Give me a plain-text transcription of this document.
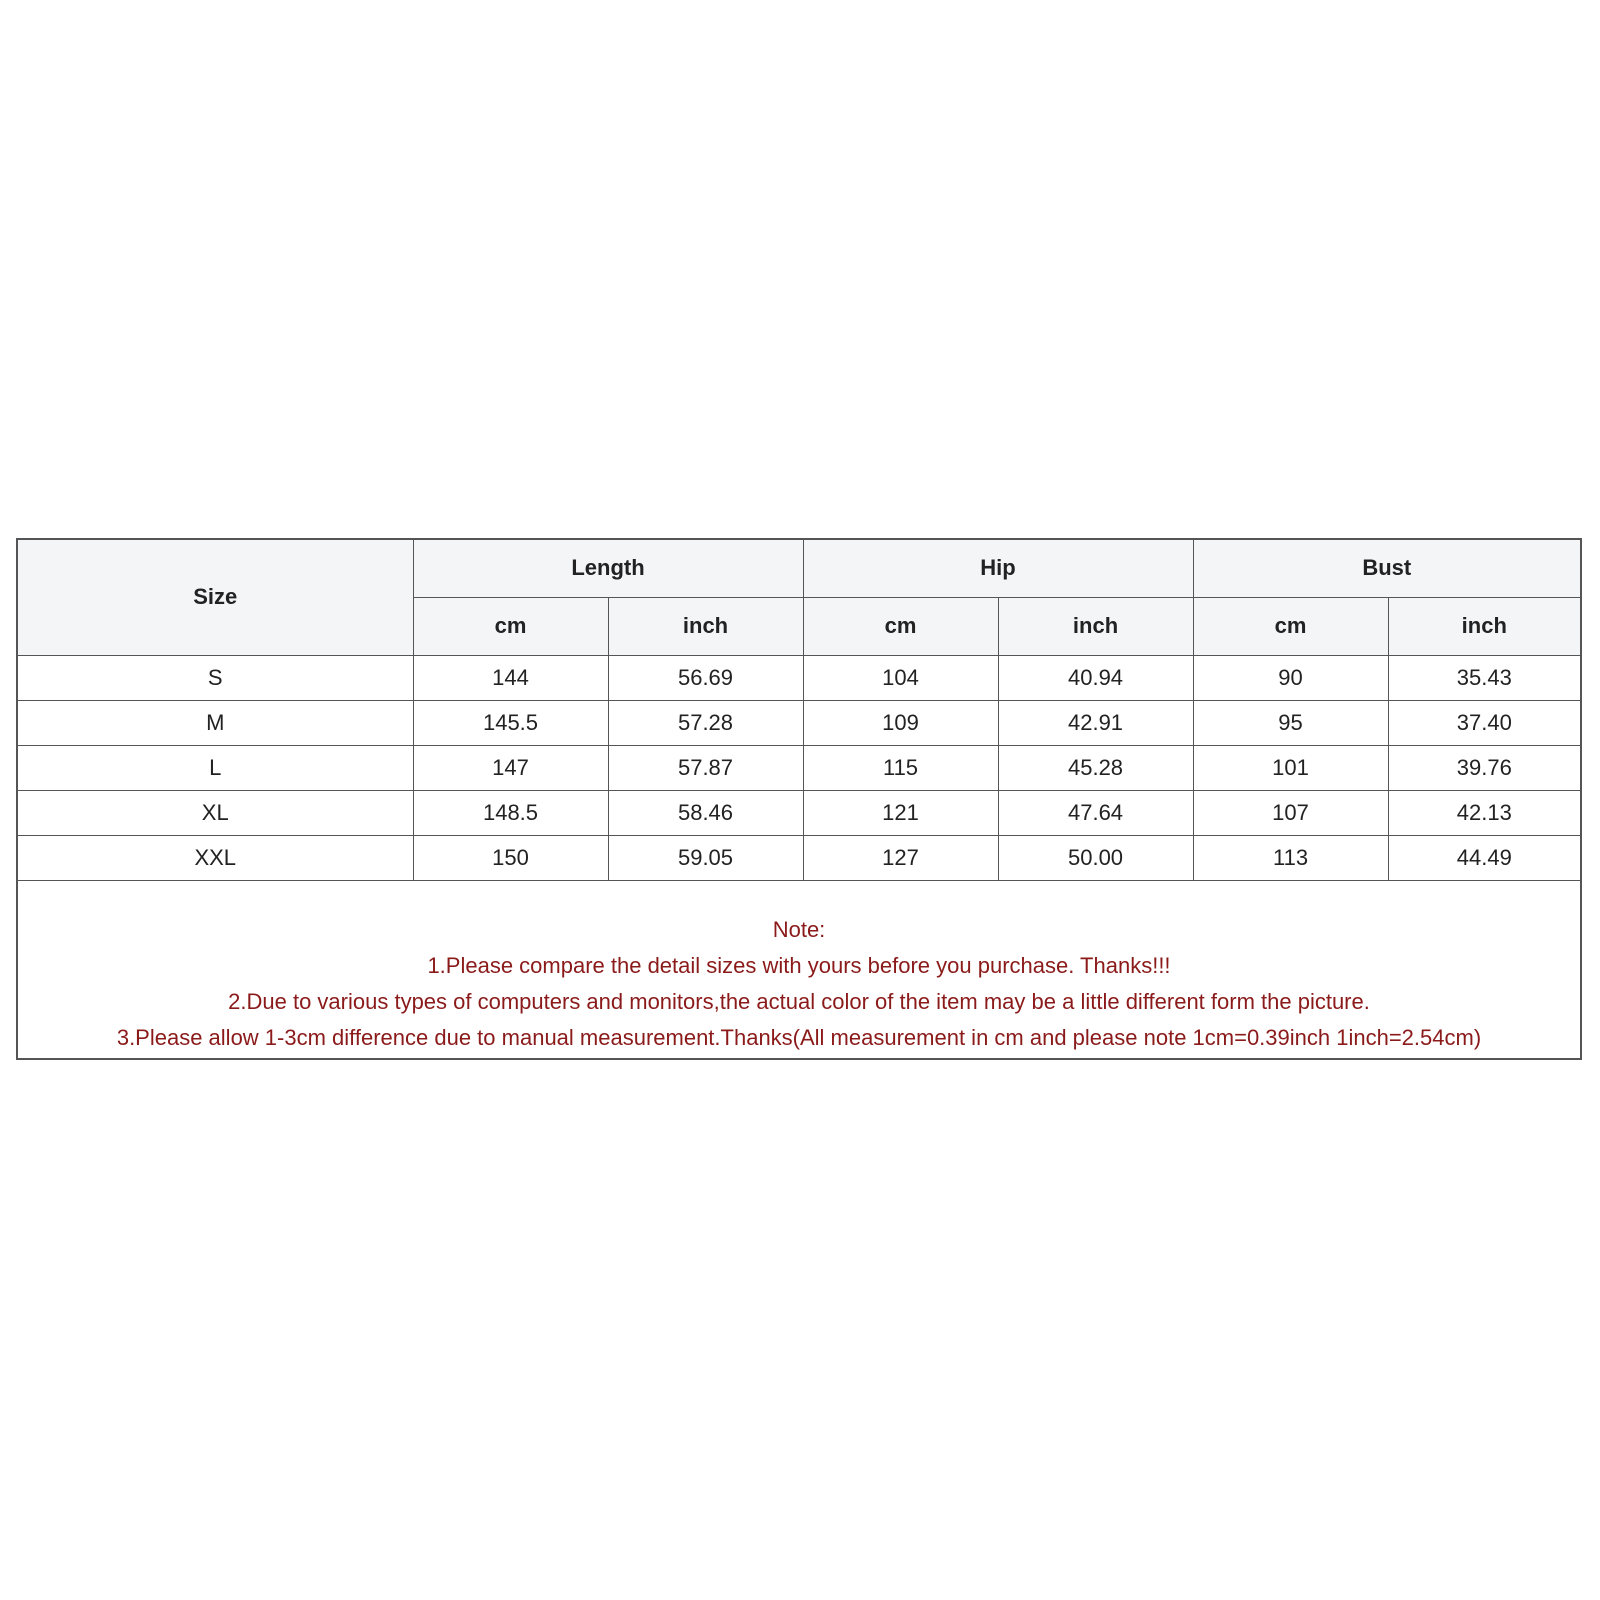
Size	Length		Hip		Bust	
	cm	inch	cm	inch	cm	inch
S	144	56.69	104	40.94	90	35.43
M	145.5	57.28	109	42.91	95	37.40
L	147	57.87	115	45.28	101	39.76
XL	148.5	58.46	121	47.64	107	42.13
XXL	150	59.05	127	50.00	113	44.49
Note:
1.Please compare the detail sizes with yours before you purchase. Thanks!!!
2.Due to various types of computers and monitors,the actual color of the item may be a little different form the picture.
3.Please allow 1-3cm difference due to manual measurement.Thanks(All measurement in cm and please note 1cm=0.39inch 1inch=2.54cm)
